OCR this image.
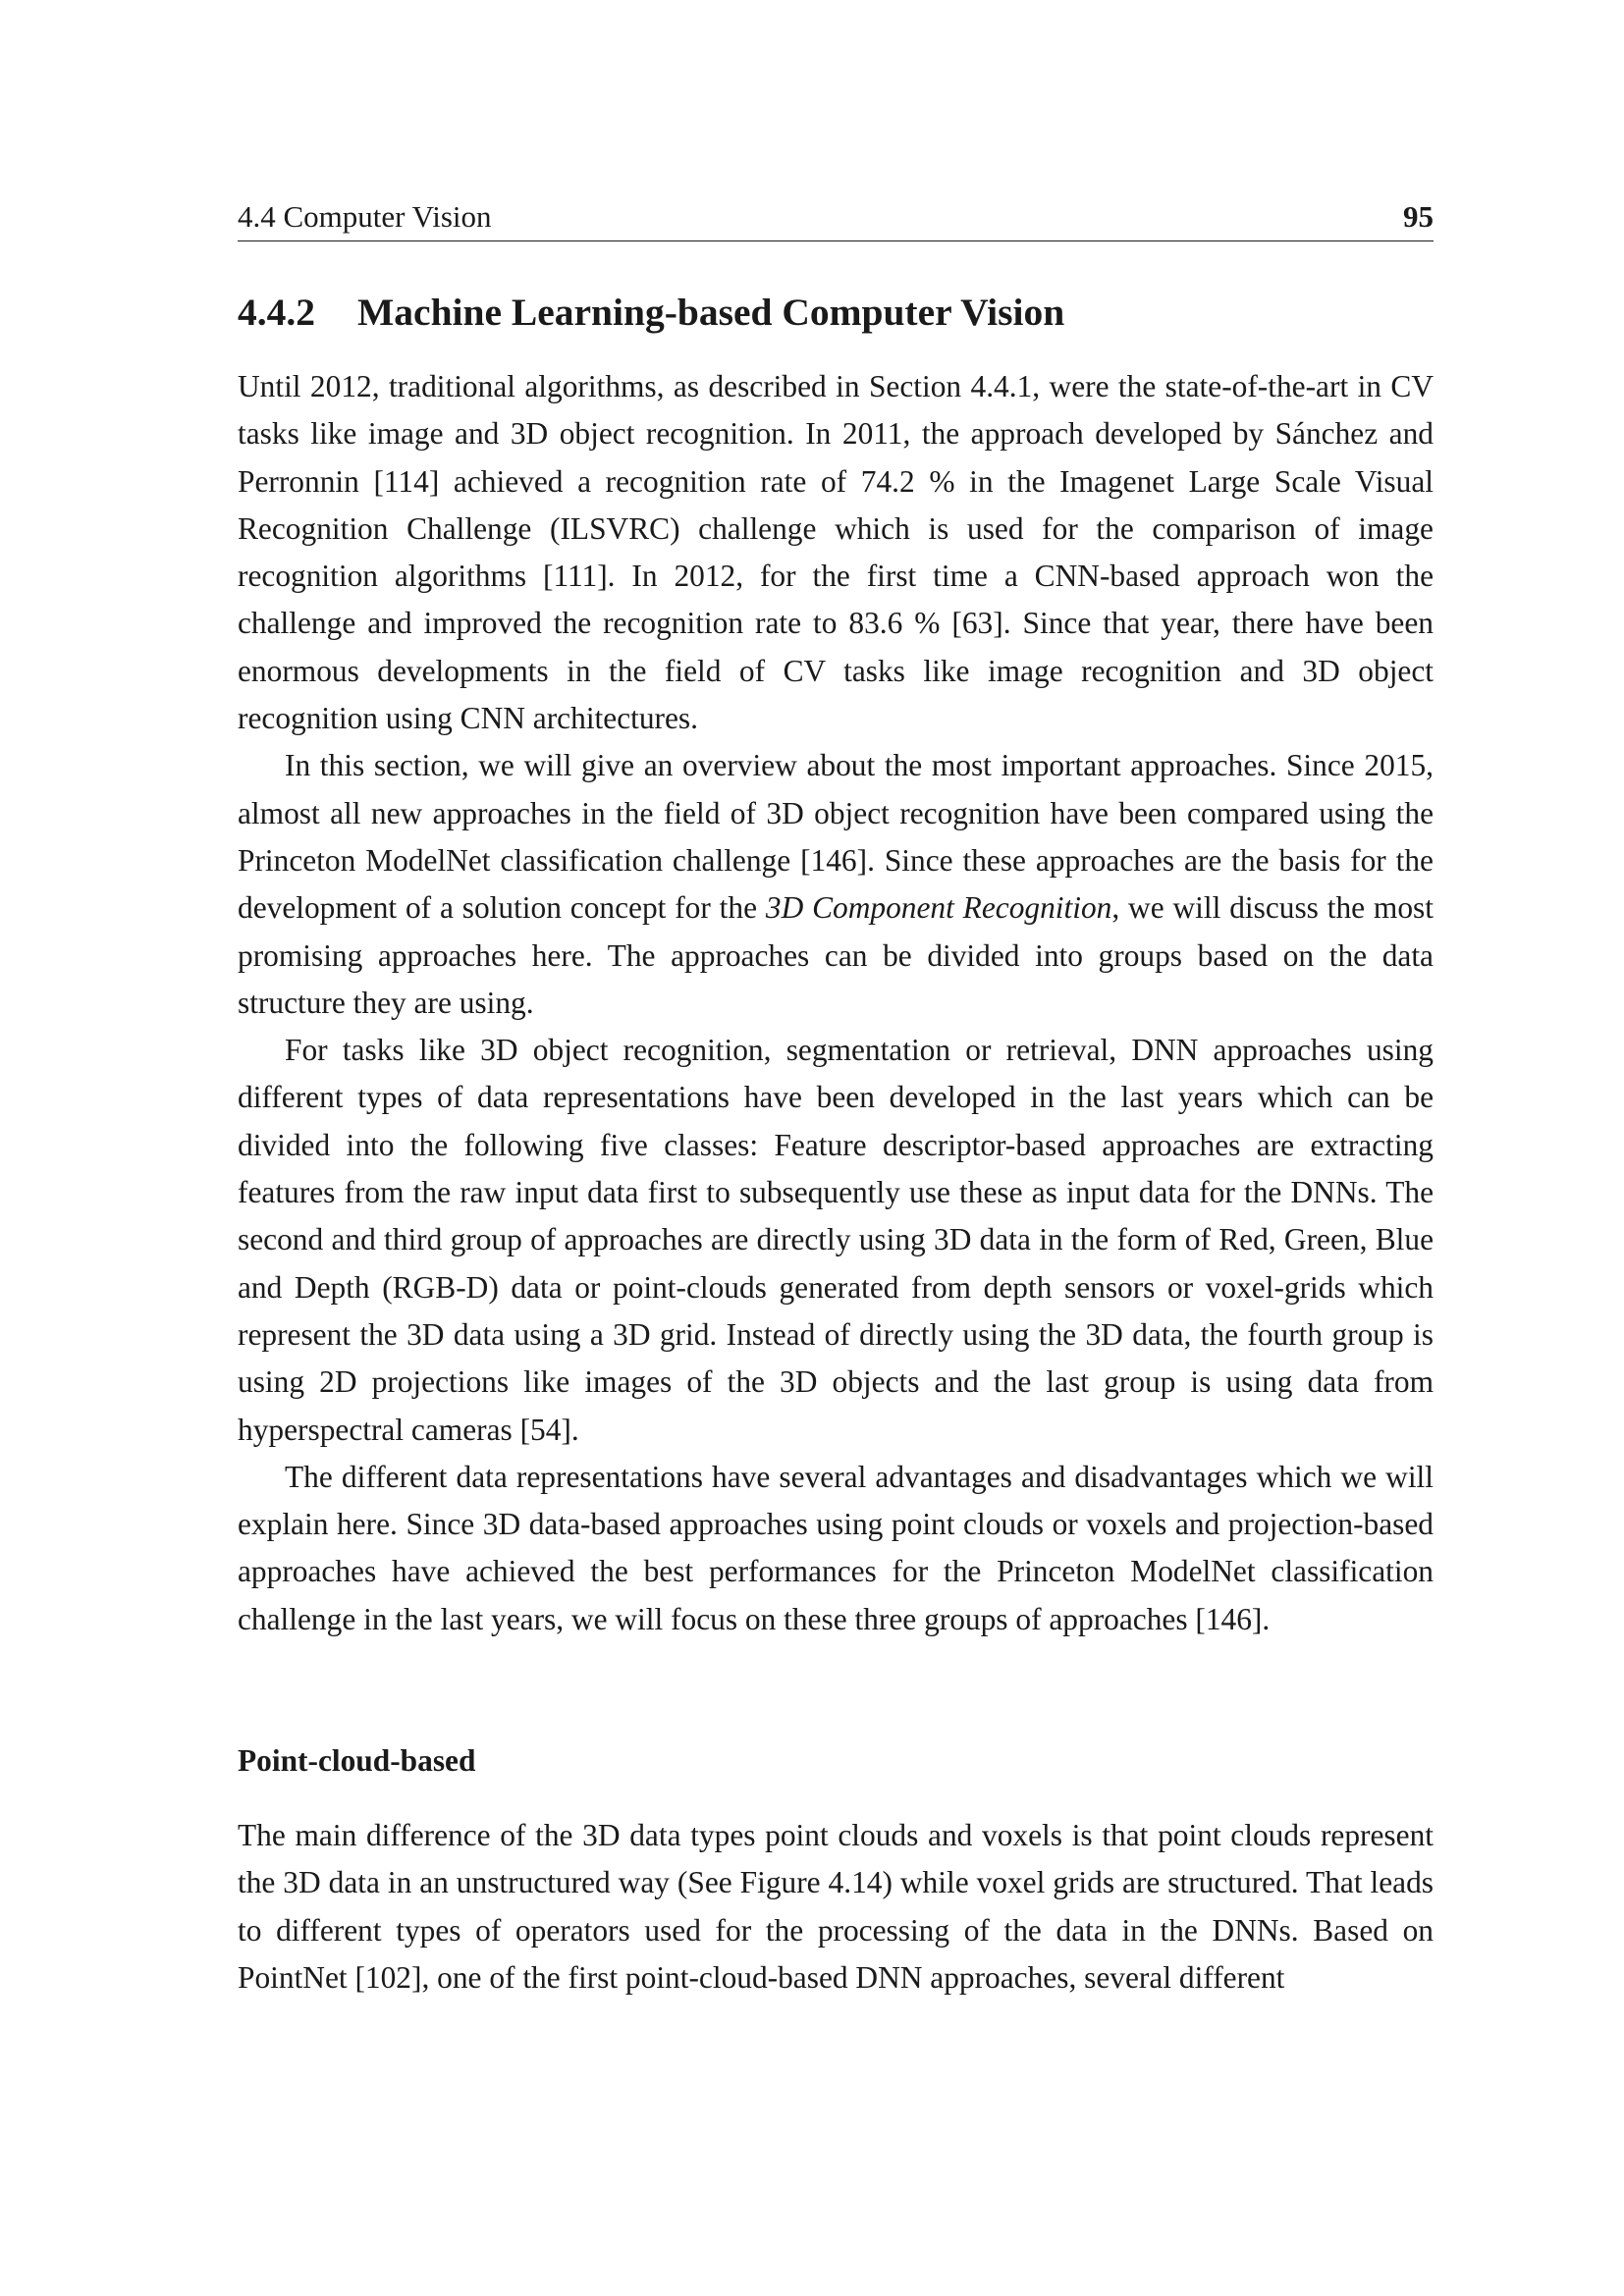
4.4 Computer Vision	95
4.4.2 Machine Learning-based Computer Vision

Until 2012, traditional algorithms, as described in Section 4.4.1, were the state-of-the-art in CV tasks like image and 3D object recognition. In 2011, the approach developed by Sánchez and Perronnin [114] achieved a recognition rate of 74.2 % in the Imagenet Large Scale Visual Recognition Challenge (ILSVRC) challenge which is used for the comparison of image recognition algorithms [111]. In 2012, for the first time a CNN-based approach won the challenge and improved the recognition rate to 83.6 % [63]. Since that year, there have been enormous developments in the field of CV tasks like image recognition and 3D object recognition using CNN architectures.

In this section, we will give an overview about the most important approaches. Since 2015, almost all new approaches in the field of 3D object recognition have been compared using the Princeton ModelNet classification challenge [146]. Since these approaches are the basis for the development of a solution concept for the 3D Component Recognition, we will discuss the most promising approaches here. The approaches can be divided into groups based on the data structure they are using.

For tasks like 3D object recognition, segmentation or retrieval, DNN approaches using different types of data representations have been developed in the last years which can be divided into the following five classes: Feature descriptor-based approaches are extracting features from the raw input data first to subsequently use these as input data for the DNNs. The second and third group of approaches are directly using 3D data in the form of Red, Green, Blue and Depth (RGB-D) data or point-clouds generated from depth sensors or voxel-grids which represent the 3D data using a 3D grid. Instead of directly using the 3D data, the fourth group is using 2D projections like images of the 3D objects and the last group is using data from hyperspectral cameras [54].

The different data representations have several advantages and disadvantages which we will explain here. Since 3D data-based approaches using point clouds or voxels and projection-based approaches have achieved the best performances for the Princeton ModelNet classification challenge in the last years, we will focus on these three groups of approaches [146].

Point-cloud-based

The main difference of the 3D data types point clouds and voxels is that point clouds represent the 3D data in an unstructured way (See Figure 4.14) while voxel grids are structured. That leads to different types of operators used for the processing of the data in the DNNs. Based on PointNet [102], one of the first point-cloud-based DNN approaches, several different
